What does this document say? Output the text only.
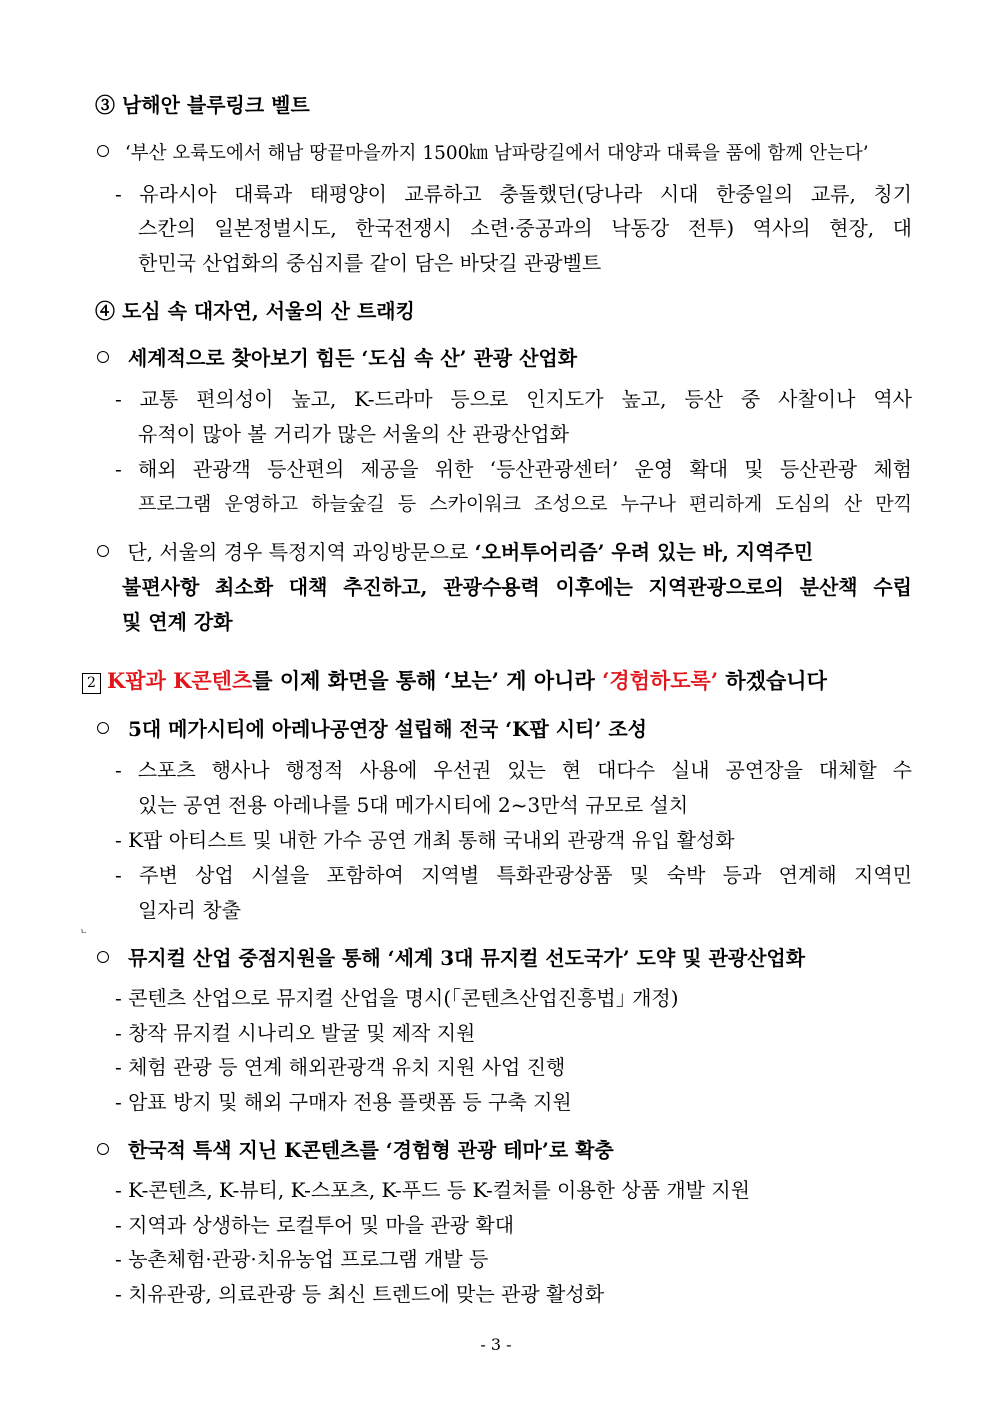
③ 남해안 블루링크 벨트
‘부산 오륙도에서 해남 땅끝마을까지 1500㎞ 남파랑길에서 대양과 대륙을 품에 함께 안는다’
- 유라시아 대륙과 태평양이 교류하고 충돌했던(당나라 시대 한중일의 교류, 칭기
스칸의 일본정벌시도, 한국전쟁시 소련·중공과의 낙동강 전투) 역사의 현장, 대
한민국 산업화의 중심지를 같이 담은 바닷길 관광벨트
④ 도심 속 대자연, 서울의 산 트래킹
세계적으로 찾아보기 힘든 ‘도심 속 산’ 관광 산업화
- 교통 편의성이 높고, K-드라마 등으로 인지도가 높고, 등산 중 사찰이나 역사
유적이 많아 볼 거리가 많은 서울의 산 관광산업화
- 해외 관광객 등산편의 제공을 위한 ‘등산관광센터’ 운영 확대 및 등산관광 체험
프로그램 운영하고 하늘숲길 등 스카이워크 조성으로 누구나 편리하게 도심의 산 만끽
단, 서울의 경우 특정지역 과잉방문으로 ‘오버투어리즘’ 우려 있는 바, 지역주민
불편사항 최소화 대책 추진하고, 관광수용력 이후에는 지역관광으로의 분산책 수립
및 연계 강화
2 K팝과 K콘텐츠를 이제 화면을 통해 ‘보는’ 게 아니라 ‘경험하도록’ 하겠습니다
5대 메가시티에 아레나공연장 설립해 전국 ‘K팝 시티’ 조성
- 스포츠 행사나 행정적 사용에 우선권 있는 현 대다수 실내 공연장을 대체할 수
있는 공연 전용 아레나를 5대 메가시티에 2~3만석 규모로 설치
- K팝 아티스트 및 내한 가수 공연 개최 통해 국내외 관광객 유입 활성화
- 주변 상업 시설을 포함하여 지역별 특화관광상품 및 숙박 등과 연계해 지역민
일자리 창출
ㄴ
뮤지컬 산업 중점지원을 통해 ‘세계 3대 뮤지컬 선도국가’ 도약 및 관광산업화
- 콘텐츠 산업으로 뮤지컬 산업을 명시(｢콘텐츠산업진흥법｣ 개정)
- 창작 뮤지컬 시나리오 발굴 및 제작 지원
- 체험 관광 등 연계 해외관광객 유치 지원 사업 진행
- 암표 방지 및 해외 구매자 전용 플랫폼 등 구축 지원
한국적 특색 지닌 K콘텐츠를 ‘경험형 관광 테마’로 확충
- K-콘텐츠, K-뷰티, K-스포츠, K-푸드 등 K-컬처를 이용한 상품 개발 지원
- 지역과 상생하는 로컬투어 및 마을 관광 확대
- 농촌체험·관광·치유농업 프로그램 개발 등
- 치유관광, 의료관광 등 최신 트렌드에 맞는 관광 활성화
- 3 -
